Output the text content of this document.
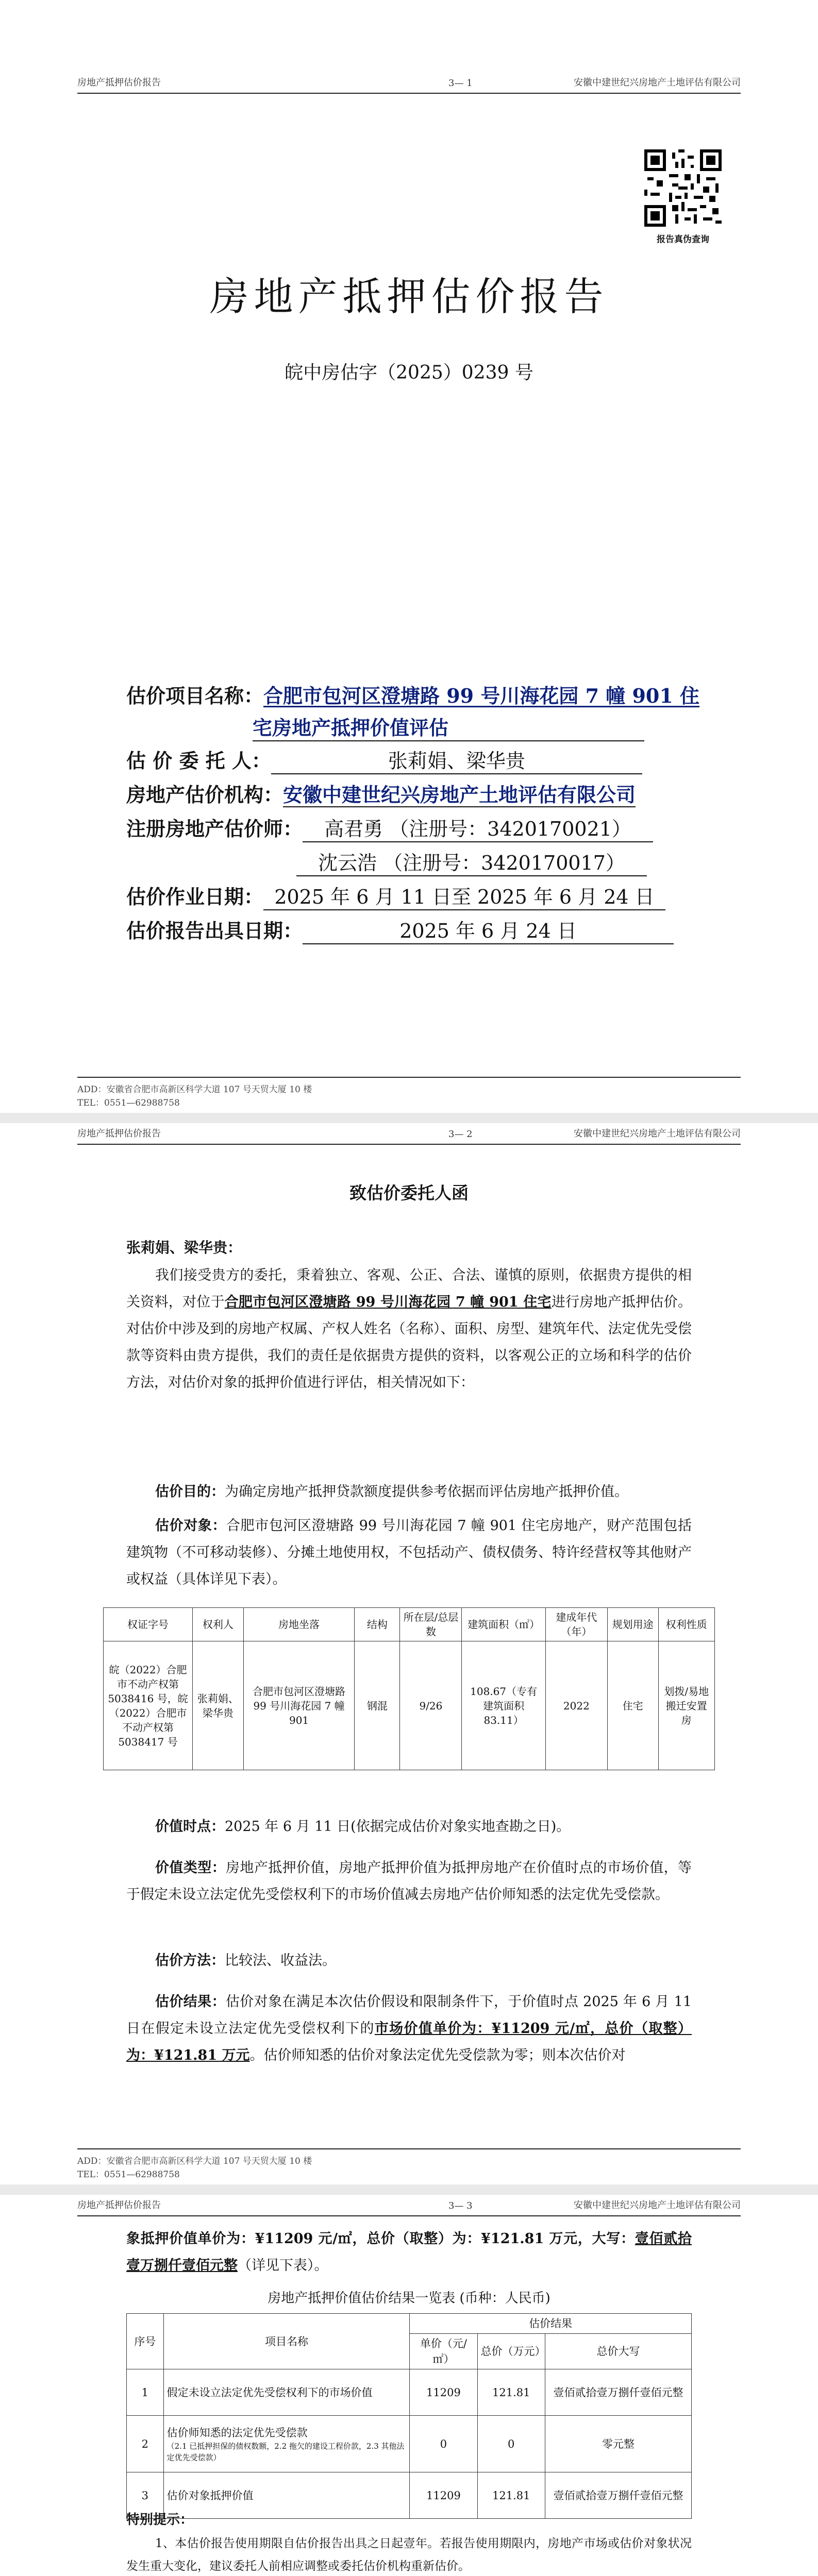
房地产抵押估价报告	3— 1	安徽中建世纪兴房地产土地评估有限公司
报告真伪查询
房地产抵押估价报告
皖中房估字（2025）0239 号
估价项目名称：合肥市包河区澄塘路 99 号川海花园 7 幢 901 住
宅房地产抵押价值评估
估 价 委 托 人：	张莉娟、梁华贵
房地产估价机构：安徽中建世纪兴房地产土地评估有限公司
注册房地产估价师： 高君勇 （注册号：3420170021）
沈云浩 （注册号：3420170017）
估价作业日期： 2025 年 6 月 11 日至 2025 年 6 月 24 日
估价报告出具日期：	2025 年 6 月 24 日
ADD：安徽省合肥市高新区科学大道 107 号天贸大厦 10 楼
TEL：0551—62988758
房地产抵押估价报告	3— 2	安徽中建世纪兴房地产土地评估有限公司
致估价委托人函
张莉娟、梁华贵：
我们接受贵方的委托，秉着独立、客观、公正、合法、谨慎的原则，依据贵方提供的相关资料，对位于合肥市包河区澄塘路 99 号川海花园 7 幢 901 住宅进行房地产抵押估价。对估价中涉及到的房地产权属、产权人姓名（名称）、面积、房型、建筑年代、法定优先受偿款等资料由贵方提供，我们的责任是依据贵方提供的资料，以客观公正的立场和科学的估价方法，对估价对象的抵押价值进行评估，相关情况如下：
估价目的：为确定房地产抵押贷款额度提供参考依据而评估房地产抵押价值。
估价对象：合肥市包河区澄塘路 99 号川海花园 7 幢 901 住宅房地产，财产范围包括建筑物（不可移动装修）、分摊土地使用权，不包括动产、债权债务、特许经营权等其他财产或权益（具体详见下表）。
权证字号	权利人	房地坐落	结构	所在层/总层数	建筑面积（㎡）	建成年代（年）	规划用途	权利性质
皖（2022）合肥市不动产权第 5038416 号，皖（2022）合肥市不动产权第 5038417 号	张莉娟、梁华贵	合肥市包河区澄塘路 99 号川海花园 7 幢 901	钢混	9/26	108.67（专有建筑面积 83.11）	2022	住宅	划拨/易地搬迁安置房
价值时点：2025 年 6 月 11 日(依据完成估价对象实地查勘之日)。
价值类型：房地产抵押价值，房地产抵押价值为抵押房地产在价值时点的市场价值，等于假定未设立法定优先受偿权利下的市场价值减去房地产估价师知悉的法定优先受偿款。
估价方法：比较法、收益法。
估价结果：估价对象在满足本次估价假设和限制条件下，于价值时点 2025 年 6 月 11 日在假定未设立法定优先受偿权利下的市场价值单价为：¥11209 元/㎡，总价（取整）为：¥121.81 万元。估价师知悉的估价对象法定优先受偿款为零；则本次估价对
ADD：安徽省合肥市高新区科学大道 107 号天贸大厦 10 楼
TEL：0551—62988758
房地产抵押估价报告	3— 3	安徽中建世纪兴房地产土地评估有限公司
象抵押价值单价为：¥11209 元/㎡，总价（取整）为：¥121.81 万元，大写：壹佰贰拾壹万捌仟壹佰元整（详见下表）。
房地产抵押价值估价结果一览表 (币种：人民币)
序号	项目名称	估价结果		
		单价（元/㎡）	总价（万元）	总价大写
1	假定未设立法定优先受偿权利下的市场价值	11209	121.81	壹佰贰拾壹万捌仟壹佰元整
2	估价师知悉的法定优先受偿款
（2.1 已抵押担保的债权数额，2.2 拖欠的建设工程价款，2.3 其他法定优先受偿款）	0	0	零元整
3	估价对象抵押价值	11209	121.81	壹佰贰拾壹万捌仟壹佰元整
特别提示：
1、本估价报告使用期限自估价报告出具之日起壹年。若报告使用期限内，房地产市场或估价对象状况发生重大变化，建议委托人前相应调整或委托估价机构重新估价。
